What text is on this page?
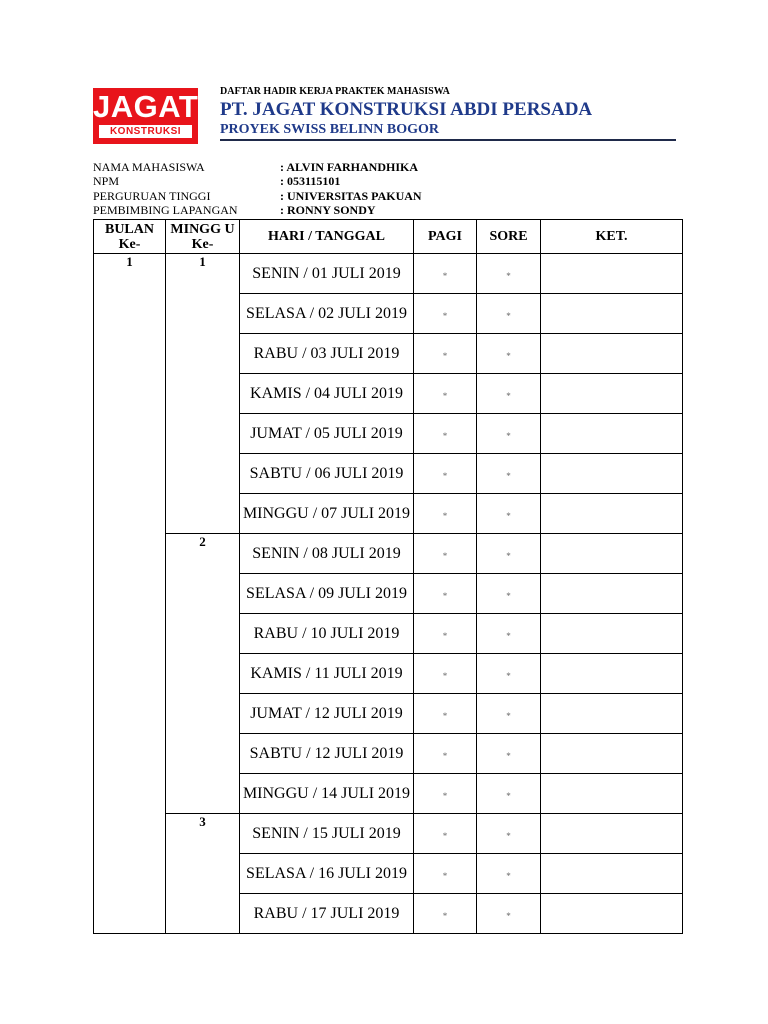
JAGAT
KONSTRUKSI
DAFTAR HADIR KERJA PRAKTEK MAHASISWA
PT. JAGAT KONSTRUKSI ABDI PERSADA
PROYEK SWISS BELINN BOGOR
NAMA MAHASISWA	: ALVIN FARHANDHIKA
NPM	: 053115101
PERGURUAN TINGGI	: UNIVERSITAS PAKUAN
PEMBIMBING LAPANGAN	: RONNY SONDY
BULAN Ke-	MINGG U Ke-	HARI / TANGGAL	PAGI	SORE	KET.
1	1	SENIN / 01 JULI 2019	*	*	
		SELASA / 02 JULI 2019	*	*	
		RABU / 03 JULI 2019	*	*	
		KAMIS / 04 JULI 2019	*	*	
		JUMAT / 05 JULI 2019	*	*	
		SABTU / 06 JULI 2019	*	*	
		MINGGU / 07 JULI 2019	*	*	
	2	SENIN / 08 JULI 2019	*	*	
		SELASA / 09 JULI 2019	*	*	
		RABU / 10 JULI 2019	*	*	
		KAMIS / 11 JULI 2019	*	*	
		JUMAT / 12 JULI 2019	*	*	
		SABTU / 12 JULI 2019	*	*	
		MINGGU / 14 JULI 2019	*	*	
	3	SENIN / 15 JULI 2019	*	*	
		SELASA / 16 JULI 2019	*	*	
		RABU / 17 JULI 2019	*	*	
